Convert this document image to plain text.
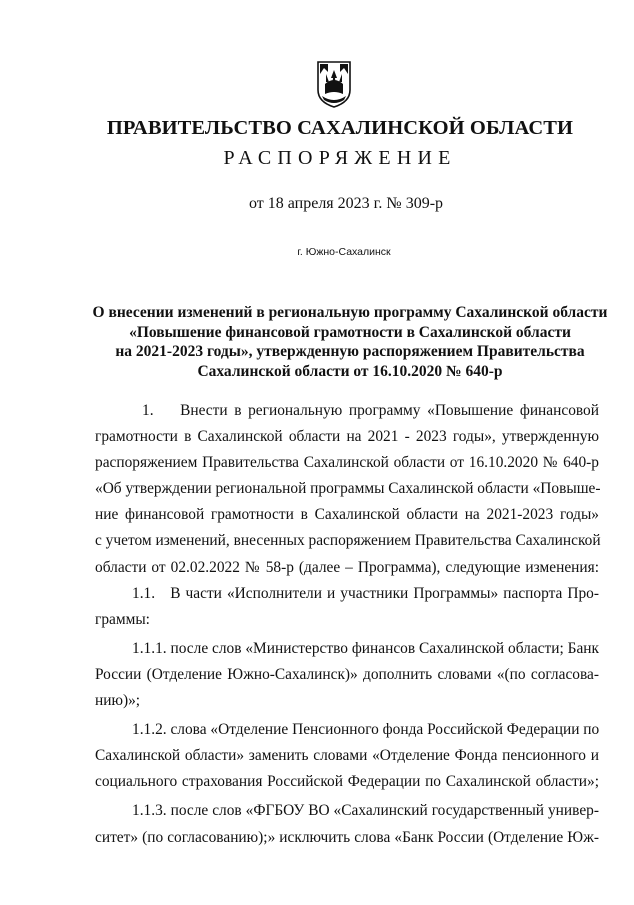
ПРАВИТЕЛЬСТВО САХАЛИНСКОЙ ОБЛАСТИ
РАСПОРЯЖЕНИЕ
от 18 апреля 2023 г. № 309-р
г. Южно-Сахалинск
О внесении изменений в региональную программу Сахалинской области
«Повышение финансовой грамотности в Сахалинской области
на 2021-2023 годы», утвержденную распоряжением Правительства
Сахалинской области от 16.10.2020 № 640-р
1.    Внести в региональную программу «Повышение финансовой
грамотности в Сахалинской области на 2021 - 2023 годы», утвержденную
распоряжением Правительства Сахалинской области от 16.10.2020 № 640-р
«Об утверждении региональной программы Сахалинской области «Повыше-
ние финансовой грамотности в Сахалинской области на 2021-2023 годы»
с учетом изменений, внесенных распоряжением Правительства Сахалинской
области от 02.02.2022 № 58-р (далее – Программа), следующие изменения:
1.1.   В части «Исполнители и участники Программы» паспорта Про-
граммы:
1.1.1. после слов «Министерство финансов Сахалинской области; Банк
России (Отделение Южно-Сахалинск)» дополнить словами «(по согласова-
нию)»;
1.1.2. слова «Отделение Пенсионного фонда Российской Федерации по
Сахалинской области» заменить словами «Отделение Фонда пенсионного и
социального страхования Российской Федерации по Сахалинской области»;
1.1.3. после слов «ФГБОУ ВО «Сахалинский государственный универ-
ситет» (по согласованию);» исключить слова «Банк России (Отделение Юж-
